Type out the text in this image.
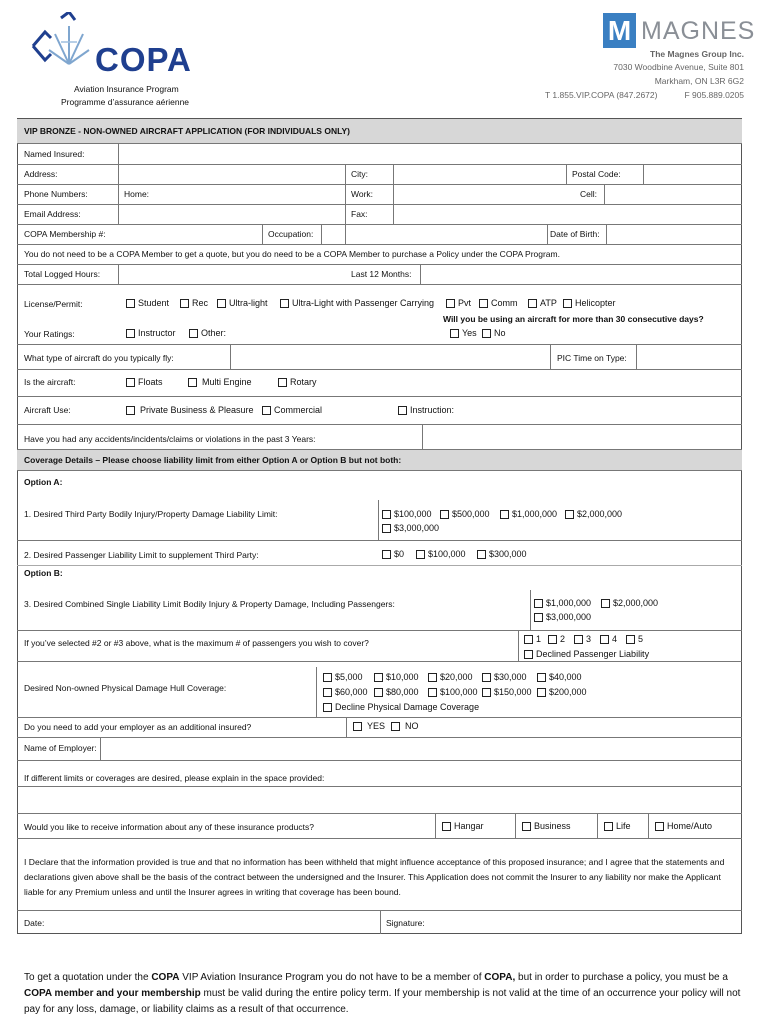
COPA
Aviation Insurance Program
Programme d’assurance aérienne
M MAGNES
The Magnes Group Inc.
7030 Woodbine Avenue, Suite 801
Markham, ON L3R 6G2
T 1.855.VIP.COPA (847.2672)	F 905.889.0205
VIP BRONZE - NON-OWNED AIRCRAFT APPLICATION (FOR INDIVIDUALS ONLY)
Named Insured:
Address:	City:	Postal Code:
Phone Numbers:	Home:	Work:	Cell:
Email Address:	Fax:
COPA Membership #:	Occupation:	Date of Birth:
You do not need to be a COPA Member to get a quote, but you do need to be a COPA Member to purchase a Policy under the COPA Program.
Total Logged Hours:	Last 12 Months:
License/Permit:	Student	Rec	Ultra-light	Ultra-Light with Passenger Carrying	Pvt	Comm	ATP	Helicopter
Will you be using an aircraft for more than 30 consecutive days?
Yes	No
Your Ratings:	Instructor	Other:
What type of aircraft do you typically fly:	PIC Time on Type:
Is the aircraft:	Floats	Multi Engine	Rotary
Aircraft Use:	Private Business & Pleasure	Commercial	Instruction:
Have you had any accidents/incidents/claims or violations in the past 3 Years:
Coverage Details – Please choose liability limit from either Option A or Option B but not both:
Option A:
1. Desired Third Party Bodily Injury/Property Damage Liability Limit:	$100,000	$500,000	$1,000,000	$2,000,000
$3,000,000
2. Desired Passenger Liability Limit to supplement Third Party:	$0	$100,000	$300,000
Option B:
3. Desired Combined Single Liability Limit Bodily Injury & Property Damage, Including Passengers:	$1,000,000	$2,000,000
$3,000,000
If you’ve selected #2 or #3 above, what is the maximum # of passengers you wish to cover?	1	2	3	4	5
Declined Passenger Liability
Desired Non-owned Physical Damage Hull Coverage:
$5,000	$10,000	$20,000	$30,000	$40,000
$60,000	$80,000	$100,000	$150,000	$200,000
Decline Physical Damage Coverage
Do you need to add your employer as an additional insured?	YES	NO
Name of Employer:
If different limits or coverages are desired, please explain in the space provided:
Would you like to receive information about any of these insurance products?	Hangar	Business	Life	Home/Auto
I Declare that the information provided is true and that no information has been withheld that might influence acceptance of this proposed insurance; and I agree that the statements and declarations given above shall be the basis of the contract between the undersigned and the Insurer. This Application does not commit the Insurer to any liability nor make the Applicant liable for any Premium unless and until the Insurer agrees in writing that coverage has been bound.
Date:	Signature:
To get a quotation under the COPA VIP Aviation Insurance Program you do not have to be a member of COPA, but in order to purchase a policy, you must be a COPA member and your membership must be valid during the entire policy term. If your membership is not valid at the time of an occurrence your policy will not pay for any loss, damage, or liability claims as a result of that occurrence.
